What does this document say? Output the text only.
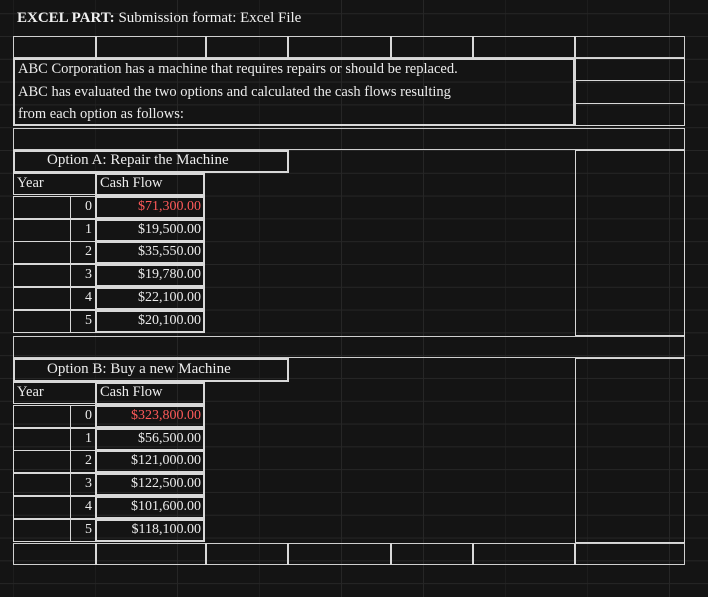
EXCEL PART: Submission format: Excel File
ABC Corporation has a machine that requires repairs or should be replaced.
ABC has evaluated the two options and calculated the cash flows resulting
from each option as follows:
Option A: Repair the Machine
Year	Cash Flow
0	$71,300.00
1	$19,500.00
2	$35,550.00
3	$19,780.00
4	$22,100.00
5	$20,100.00
Option B: Buy a new Machine
Year	Cash Flow
0	$323,800.00
1	$56,500.00
2	$121,000.00
3	$122,500.00
4	$101,600.00
5	$118,100.00
